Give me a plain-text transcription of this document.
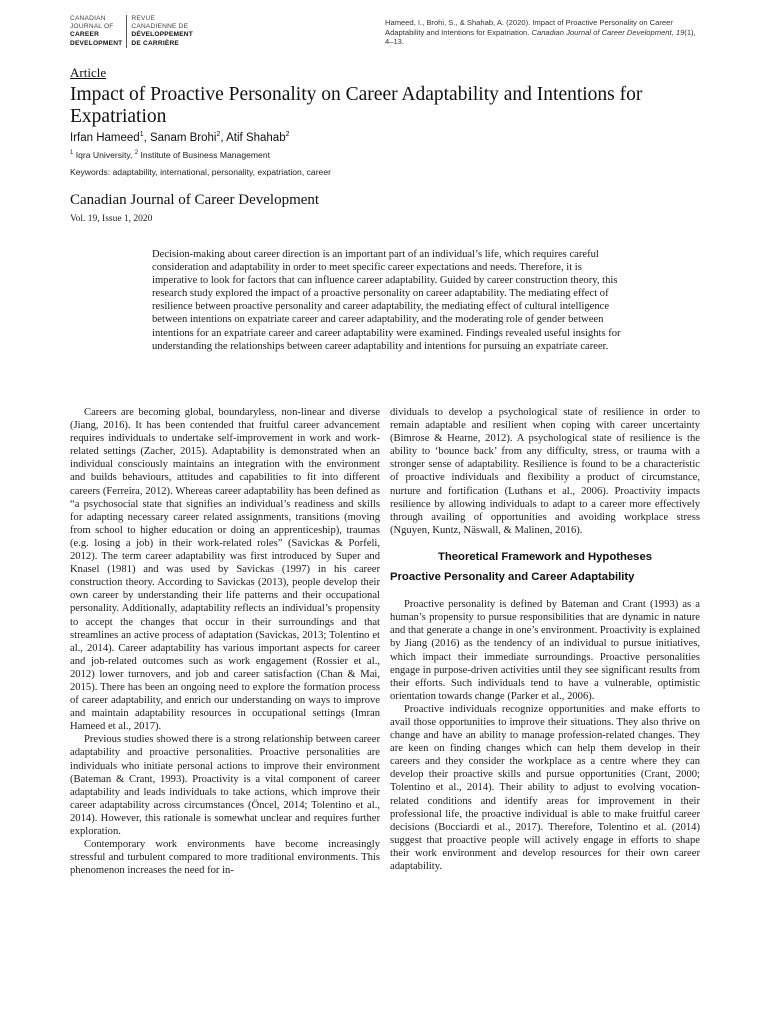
CANADIAN
JOURNAL OF
CAREER
DEVELOPMENT
REVUE
CANADIENNE DE
DÉVELOPPEMENT
DE CARRIÈRE
Hameed, I., Brohi, S., & Shahab, A. (2020). Impact of Proactive Personality on Career Adaptability and Intentions for Expatriation. Canadian Journal of Career Development, 19(1), 4–13.
Article
Impact of Proactive Personality on Career Adaptability and Intentions for Expatriation
Irfan Hameed$^1$, Sanam Brohi$^2$, Atif Shahab$^2$
$^1$ Iqra University, $^2$ Institute of Business Management
Keywords: adaptability, international, personality, expatriation, career
Canadian Journal of Career Development
Vol. 19, Issue 1, 2020
Decision-making about career direction is an important part of an individual’s life, which requires careful consideration and adaptability in order to meet specific career expectations and needs. Therefore, it is imperative to look for factors that can influence career adaptability. Guided by career construction theory, this research study explored the impact of a proactive personality on career adaptability. The mediating effect of resilience between proactive personality and career adaptability, the mediating effect of cultural intelligence between intentions on expatriate career and career adaptability, and the moderating role of gender between intentions for an expatriate career and career adaptability were examined. Findings revealed useful insights for understanding the relationships between career adaptability and intentions for pursuing an expatriate career.

Careers are becoming global, boundaryless, non-linear and diverse (Jiang, 2016). It has been contended that fruitful career advancement requires individuals to undertake self-improvement in work and work-related settings (Zacher, 2015). Adaptability is demonstrated when an individual consciously maintains an integration with the environment and builds behaviours, attitudes and capabilities to fit into different careers (Ferreira, 2012). Whereas career adaptability has been defined as “a psychosocial state that signifies an individual’s readiness and skills for adapting necessary career related assignments, transitions (moving from school to higher education or doing an apprenticeship), traumas (e.g. losing a job) in their work-related roles” (Savickas & Porfeli, 2012). The term career adaptability was first introduced by Super and Knasel (1981) and was used by Savickas (1997) in his career construction theory. According to Savickas (2013), people develop their own career by understanding their life patterns and their occupational personality. Additionally, adaptability reflects an individual’s propensity to accept the changes that occur in their surroundings and that streamlines an active process of adaptation (Savickas, 2013; Tolentino et al., 2014). Career adaptability has various important aspects for career and job-related outcomes such as work engagement (Rossier et al., 2012) lower turnovers, and job and career satisfaction (Chan & Mai, 2015). There has been an ongoing need to explore the formation process of career adaptability, and enrich our understanding on ways to improve and maintain adaptability resources in occupational settings (Imran Hameed et al., 2017).

Previous studies showed there is a strong relationship between career adaptability and proactive personalities. Proactive personalities are individuals who initiate personal actions to improve their environment (Bateman & Crant, 1993). Proactivity is a vital component of career adaptability and leads individuals to take actions, which improve their career adaptability across circumstances (Öncel, 2014; Tolentino et al., 2014). However, this rationale is somewhat unclear and requires further exploration.

Contemporary work environments have become increasingly stressful and turbulent compared to more traditional environments. This phenomenon increases the need for in-

dividuals to develop a psychological state of resilience in order to remain adaptable and resilient when coping with career uncertainty (Bimrose & Hearne, 2012). A psychological state of resilience is the ability to ‘bounce back’ from any difficulty, stress, or trauma with a stronger sense of adaptability. Resilience is found to be a characteristic of proactive individuals and flexibility a product of circumstance, nurture and fortification (Luthans et al., 2006). Proactivity impacts resilience by allowing individuals to adapt to a career more effectively through availing of opportunities and avoiding workplace stress (Nguyen, Kuntz, Näswall, & Malinen, 2016).

Theoretical Framework and Hypotheses
Proactive Personality and Career Adaptability

Proactive personality is defined by Bateman and Crant (1993) as a human’s propensity to pursue responsibilities that are dynamic in nature and that generate a change in one’s environment. Proactivity is explained by Jiang (2016) as the tendency of an individual to pursue initiatives, which impact their immediate surroundings. Proactive personalities engage in purpose-driven activities until they see significant results from their efforts. Such individuals tend to have a vulnerable, optimistic orientation towards change (Parker et al., 2006).

Proactive individuals recognize opportunities and make efforts to avail those opportunities to improve their situations. They also thrive on change and have an ability to manage profession-related changes. They are keen on finding changes which can help them develop in their careers and they consider the workplace as a centre where they can develop their proactive skills and pursue opportunities (Crant, 2000; Tolentino et al., 2014). Their ability to adjust to evolving vocation-related conditions and identify areas for improvement in their professional life, the proactive individual is able to make fruitful career decisions (Bocciardi et al., 2017). Therefore, Tolentino et al. (2014) suggest that proactive people will actively engage in efforts to shape their work environment and develop resources for their own career adaptability.
